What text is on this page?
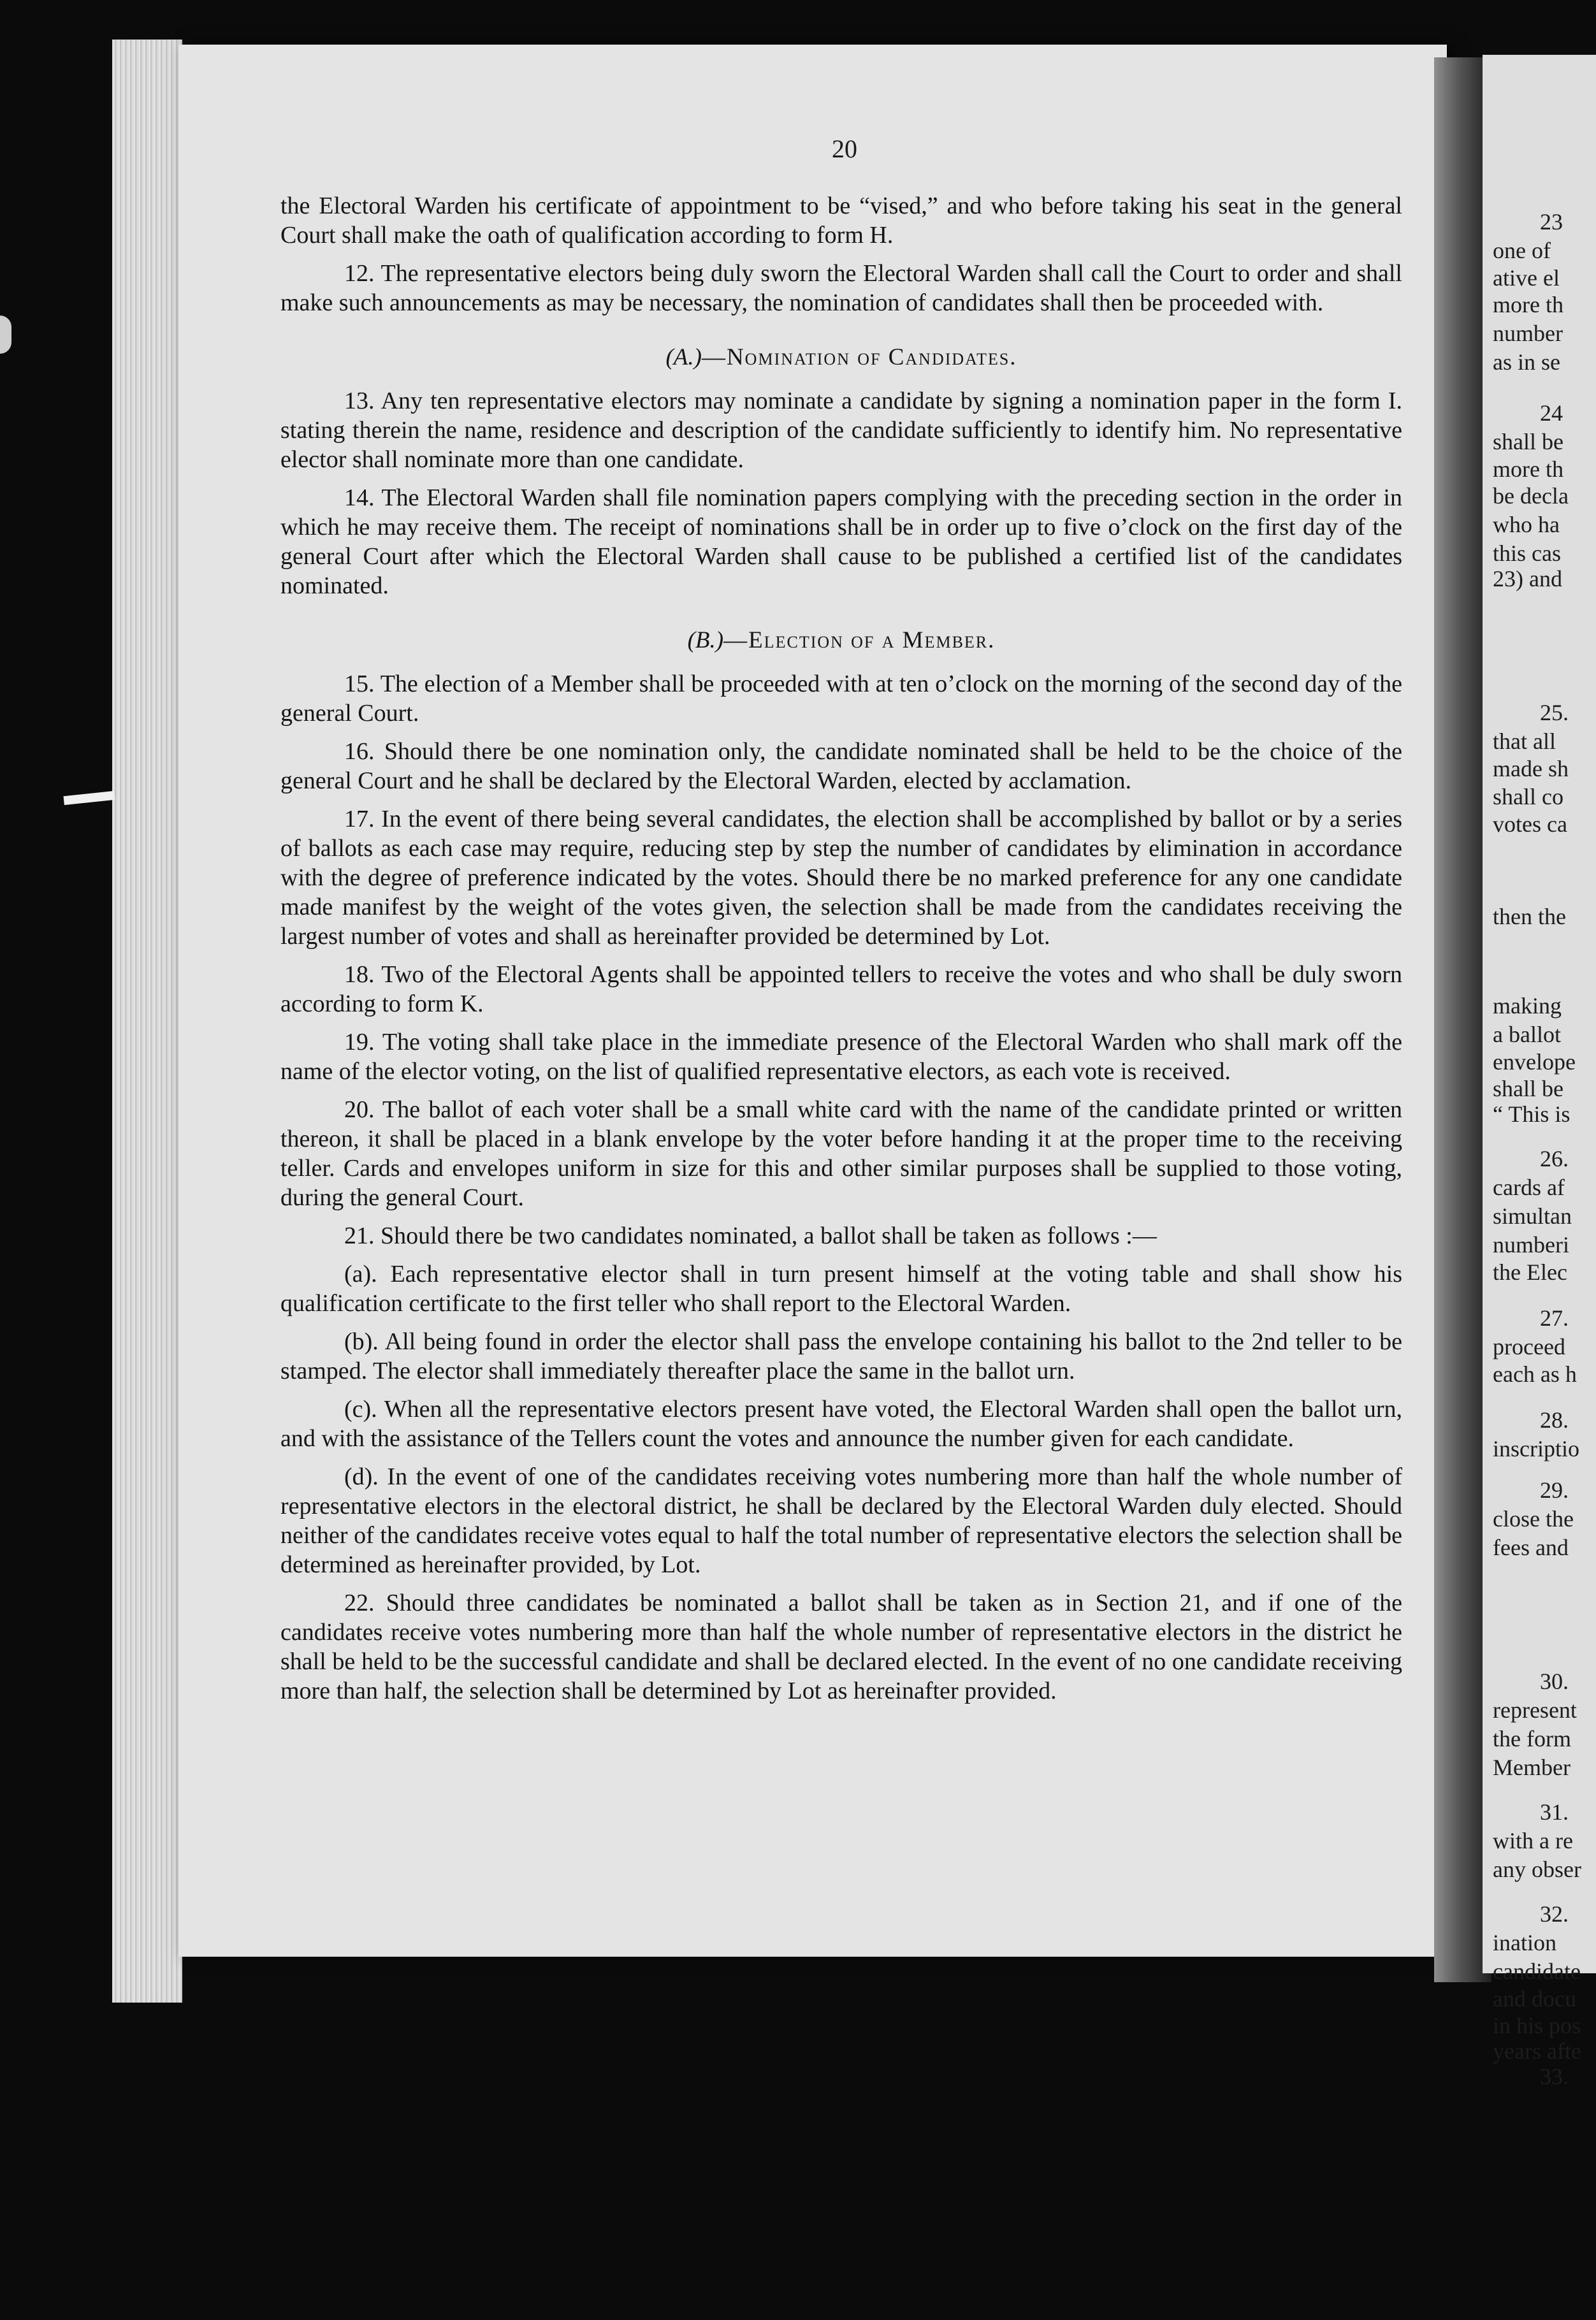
23
one of
ative el
more th
number
as in se
24
shall be
more th
be decla
who ha
this cas
23) and
25.
that all
made sh
shall co
votes ca
then the
making
a ballot
envelope
shall be
“ This is
26.
cards af
simultan
numberi
the Elec
27.
proceed
each as h
28.
inscriptio
29.
close the
fees and
30.
represent
the form
Member
31.
with a re
any obser
32.
ination
candidate
and docu
in his pos
years afte
33.
20
the Electoral Warden his certificate of appointment to be “vised,” and who before taking his seat in the general Court shall make the oath of qualification according to form H.
12. The representative electors being duly sworn the Electoral Warden shall call the Court to order and shall make such announcements as may be necessary, the nomination of candidates shall then be proceeded with.
(A.)—Nomination of Candidates.
13. Any ten representative electors may nominate a candidate by signing a nomination paper in the form I. stating therein the name, residence and description of the candidate sufficiently to identify him. No representative elector shall nominate more than one candidate.
14. The Electoral Warden shall file nomination papers complying with the preceding section in the order in which he may receive them. The receipt of nominations shall be in order up to five o’clock on the first day of the general Court after which the Electoral Warden shall cause to be published a certified list of the candidates nominated.
(B.)—Election of a Member.
15. The election of a Member shall be proceeded with at ten o’clock on the morning of the second day of the general Court.
16. Should there be one nomination only, the candidate nominated shall be held to be the choice of the general Court and he shall be declared by the Electoral Warden, elected by acclamation.
17. In the event of there being several candidates, the election shall be accomplished by ballot or by a series of ballots as each case may require, reducing step by step the number of candidates by elimination in accordance with the degree of preference indicated by the votes. Should there be no marked preference for any one candidate made manifest by the weight of the votes given, the selection shall be made from the candidates receiving the largest number of votes and shall as hereinafter provided be determined by Lot.
18. Two of the Electoral Agents shall be appointed tellers to receive the votes and who shall be duly sworn according to form K.
19. The voting shall take place in the immediate presence of the Electoral Warden who shall mark off the name of the elector voting, on the list of qualified representative electors, as each vote is received.
20. The ballot of each voter shall be a small white card with the name of the candidate printed or written thereon, it shall be placed in a blank envelope by the voter before handing it at the proper time to the receiving teller. Cards and envelopes uniform in size for this and other similar purposes shall be supplied to those voting, during the general Court.
21. Should there be two candidates nominated, a ballot shall be taken as follows :—
(a). Each representative elector shall in turn present himself at the voting table and shall show his qualification certificate to the first teller who shall report to the Electoral Warden.
(b). All being found in order the elector shall pass the envelope containing his ballot to the 2nd teller to be stamped. The elector shall immediately thereafter place the same in the ballot urn.
(c). When all the representative electors present have voted, the Electoral Warden shall open the ballot urn, and with the assistance of the Tellers count the votes and announce the number given for each candidate.
(d). In the event of one of the candidates receiving votes numbering more than half the whole number of representative electors in the electoral district, he shall be declared by the Electoral Warden duly elected. Should neither of the candidates receive votes equal to half the total number of representative electors the selection shall be determined as hereinafter provided, by Lot.
22. Should three candidates be nominated a ballot shall be taken as in Section 21, and if one of the candidates receive votes numbering more than half the whole number of representative electors in the district he shall be held to be the successful candidate and shall be declared elected. In the event of no one candidate receiving more than half, the selection shall be determined by Lot as hereinafter provided.
